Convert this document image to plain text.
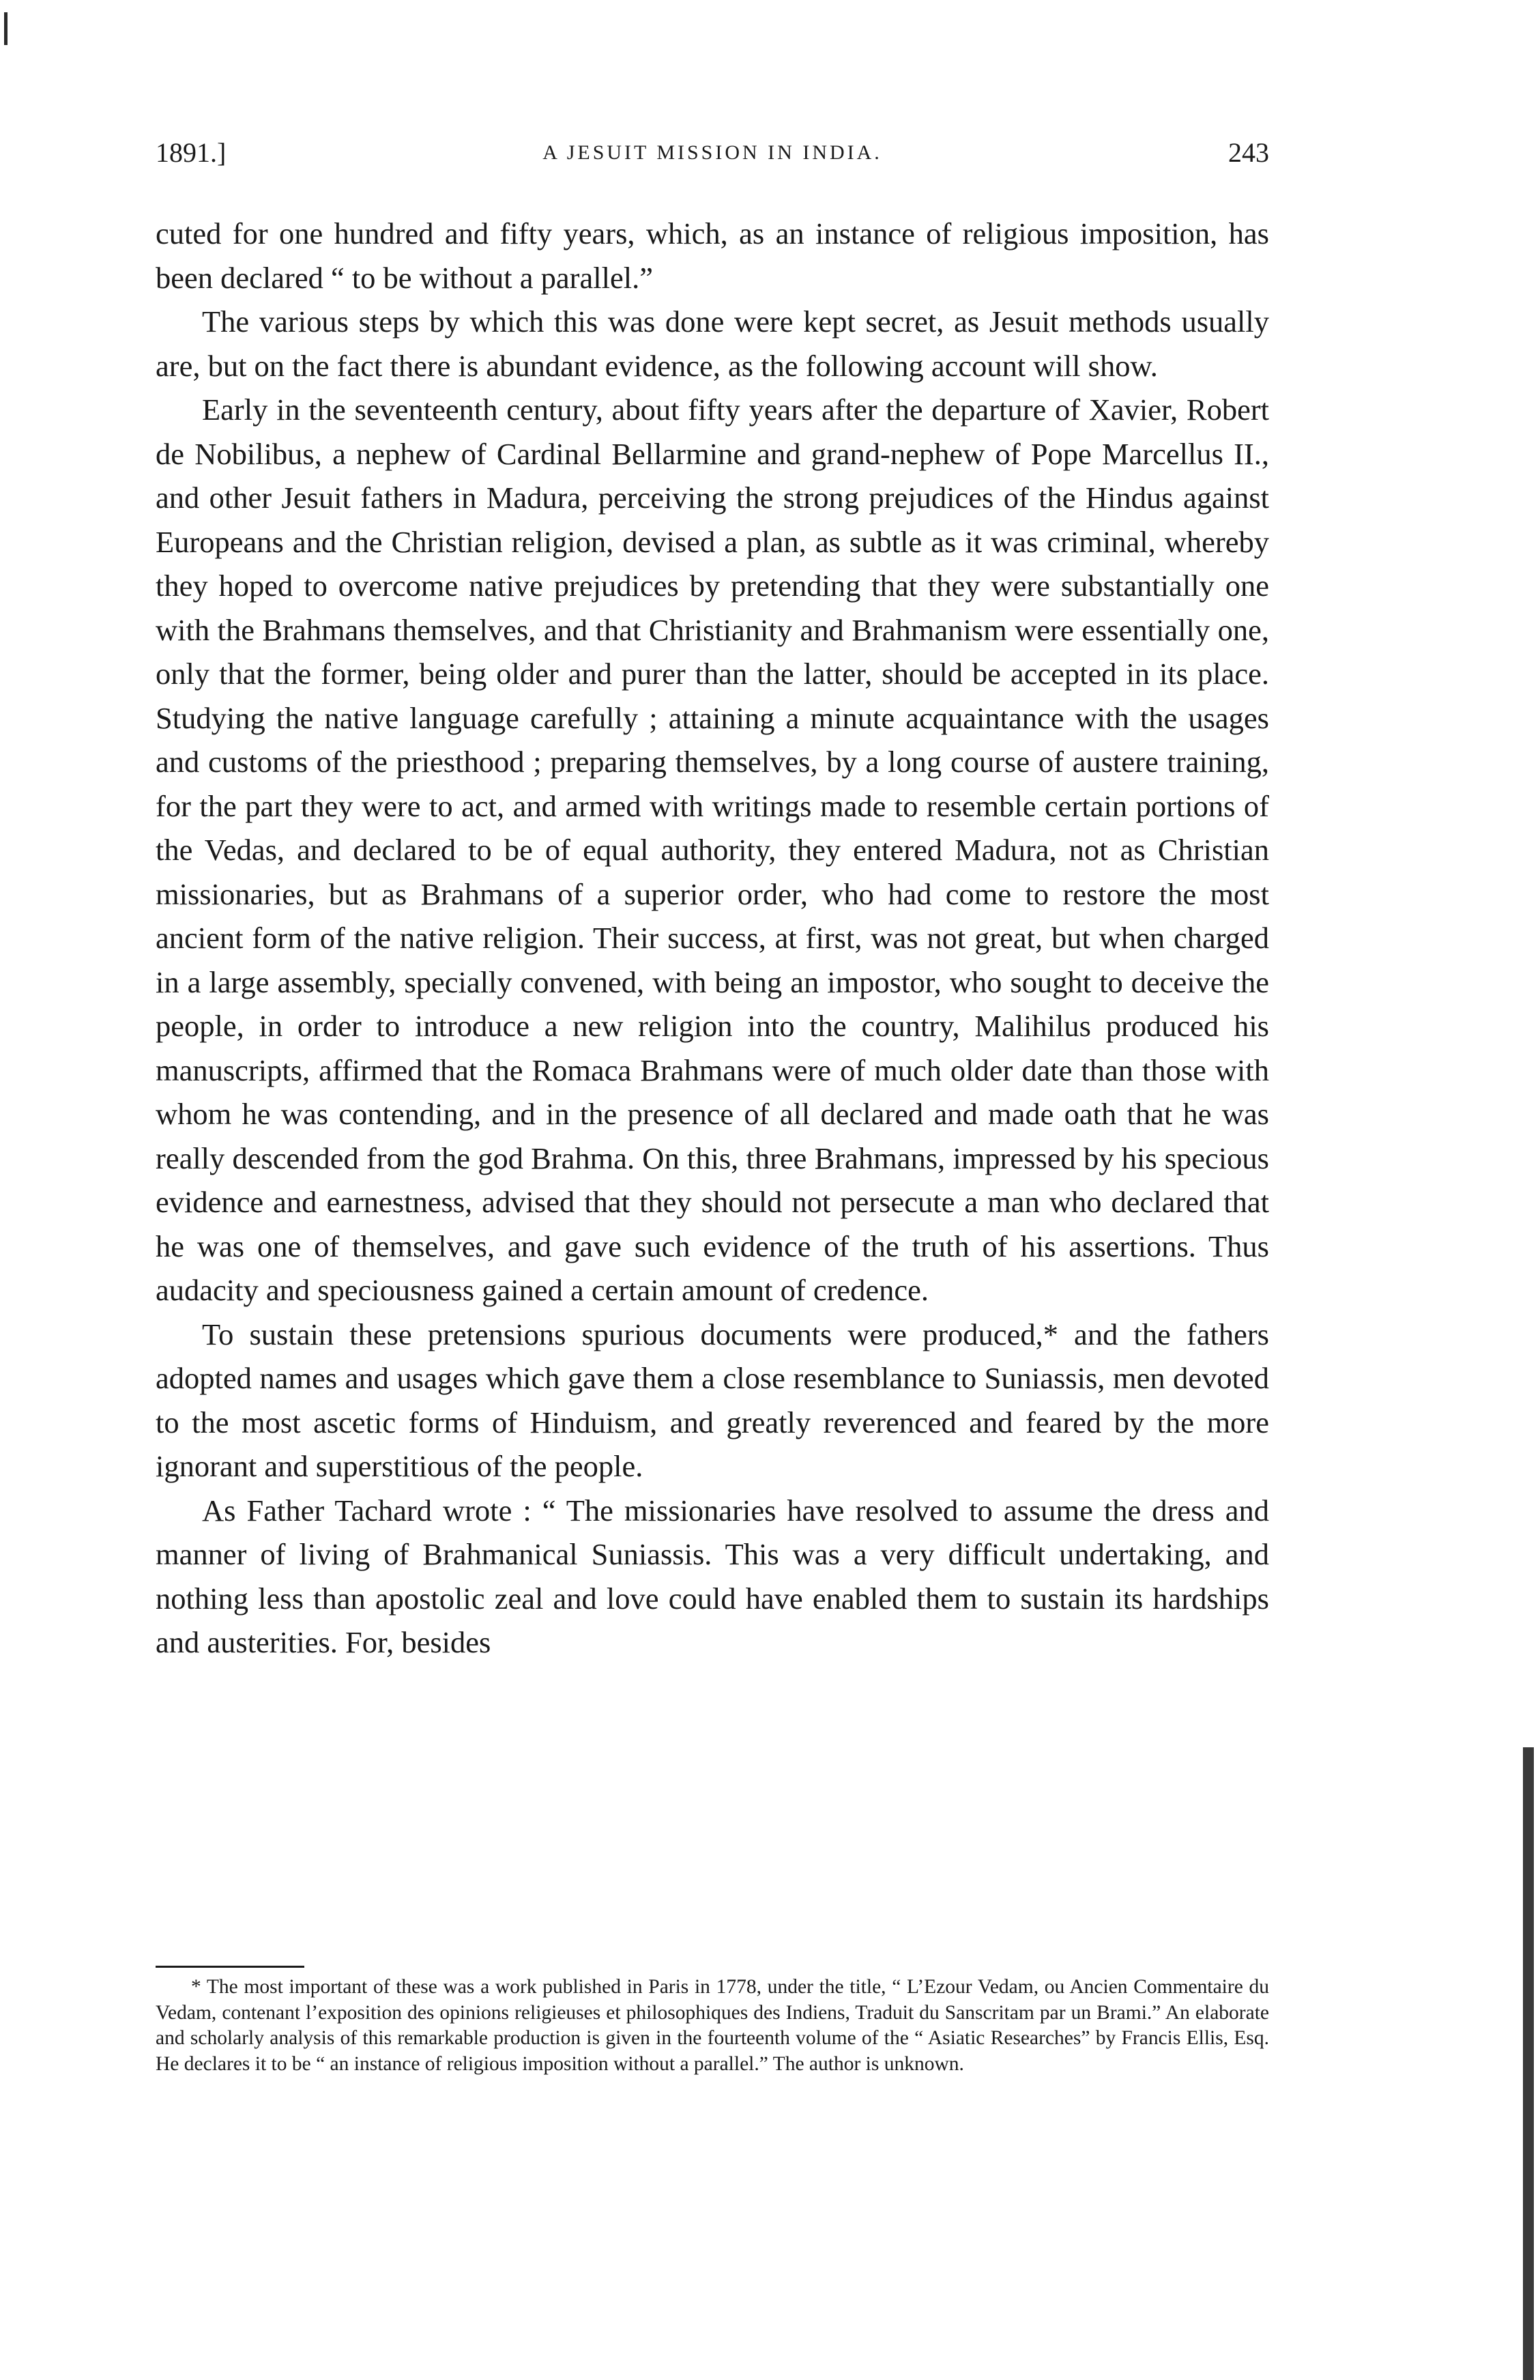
1891.]	A JESUIT MISSION IN INDIA.	243

cuted for one hundred and fifty years, which, as an instance of religious imposition, has been declared “ to be without a parallel.”

The various steps by which this was done were kept secret, as Jesuit methods usually are, but on the fact there is abundant evidence, as the following account will show.

Early in the seventeenth century, about fifty years after the departure of Xavier, Robert de Nobilibus, a nephew of Cardinal Bellarmine and grand-nephew of Pope Marcellus II., and other Jesuit fathers in Madura, perceiving the strong prejudices of the Hindus against Europeans and the Christian religion, devised a plan, as subtle as it was criminal, whereby they hoped to overcome native prejudices by pretending that they were substantially one with the Brahmans themselves, and that Christianity and Brahmanism were essentially one, only that the former, being older and purer than the latter, should be accepted in its place. Studying the native language carefully ; attaining a minute acquaintance with the usages and customs of the priesthood ; preparing themselves, by a long course of austere training, for the part they were to act, and armed with writings made to resemble certain portions of the Vedas, and declared to be of equal authority, they entered Madura, not as Christian missionaries, but as Brahmans of a superior order, who had come to restore the most ancient form of the native religion. Their success, at first, was not great, but when charged in a large assembly, specially convened, with being an impostor, who sought to deceive the people, in order to introduce a new religion into the country, Malihilus produced his manuscripts, affirmed that the Romaca Brahmans were of much older date than those with whom he was contending, and in the presence of all declared and made oath that he was really descended from the god Brahma. On this, three Brahmans, impressed by his specious evidence and earnestness, advised that they should not persecute a man who declared that he was one of themselves, and gave such evidence of the truth of his assertions. Thus audacity and speciousness gained a certain amount of credence.

To sustain these pretensions spurious documents were produced,* and the fathers adopted names and usages which gave them a close resemblance to Suniassis, men devoted to the most ascetic forms of Hinduism, and greatly reverenced and feared by the more ignorant and superstitious of the people.

As Father Tachard wrote : “ The missionaries have resolved to assume the dress and manner of living of Brahmanical Suniassis. This was a very difficult undertaking, and nothing less than apostolic zeal and love could have enabled them to sustain its hardships and austerities. For, besides

* The most important of these was a work published in Paris in 1778, under the title, “ L’Ezour Vedam, ou Ancien Commentaire du Vedam, contenant l’exposition des opinions religieuses et philosophiques des Indiens, Traduit du Sanscritam par un Brami.” An elaborate and scholarly analysis of this remarkable production is given in the fourteenth volume of the “ Asiatic Researches” by Francis Ellis, Esq. He declares it to be “ an instance of religious imposition without a parallel.” The author is unknown.
